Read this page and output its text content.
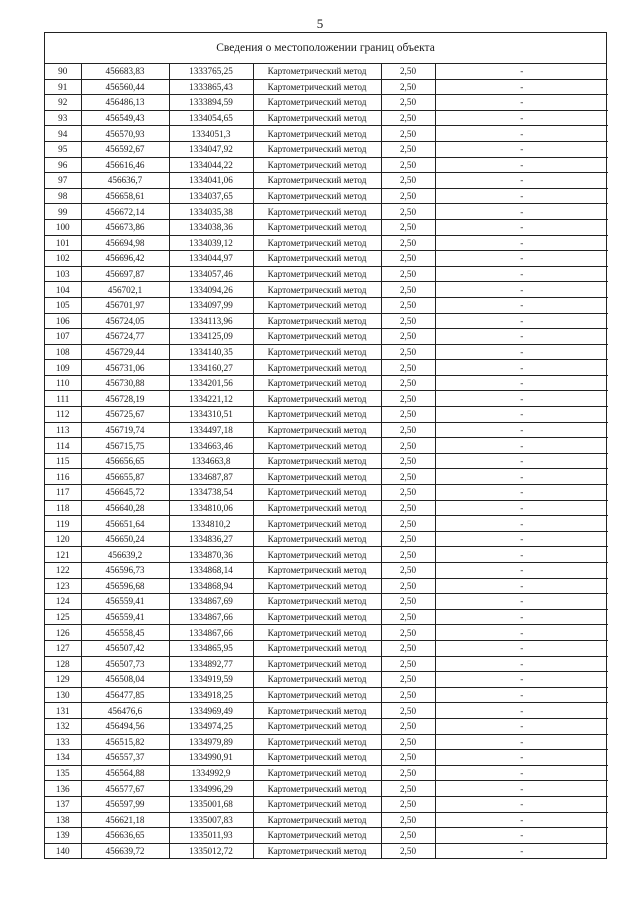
5
Сведения о местоположении границ объекта
90	456683,83	1333765,25	Картометрический метод	2,50	-
91	456560,44	1333865,43	Картометрический метод	2,50	-
92	456486,13	1333894,59	Картометрический метод	2,50	-
93	456549,43	1334054,65	Картометрический метод	2,50	-
94	456570,93	1334051,3	Картометрический метод	2,50	-
95	456592,67	1334047,92	Картометрический метод	2,50	-
96	456616,46	1334044,22	Картометрический метод	2,50	-
97	456636,7	1334041,06	Картометрический метод	2,50	-
98	456658,61	1334037,65	Картометрический метод	2,50	-
99	456672,14	1334035,38	Картометрический метод	2,50	-
100	456673,86	1334038,36	Картометрический метод	2,50	-
101	456694,98	1334039,12	Картометрический метод	2,50	-
102	456696,42	1334044,97	Картометрический метод	2,50	-
103	456697,87	1334057,46	Картометрический метод	2,50	-
104	456702,1	1334094,26	Картометрический метод	2,50	-
105	456701,97	1334097,99	Картометрический метод	2,50	-
106	456724,05	1334113,96	Картометрический метод	2,50	-
107	456724,77	1334125,09	Картометрический метод	2,50	-
108	456729,44	1334140,35	Картометрический метод	2,50	-
109	456731,06	1334160,27	Картометрический метод	2,50	-
110	456730,88	1334201,56	Картометрический метод	2,50	-
111	456728,19	1334221,12	Картометрический метод	2,50	-
112	456725,67	1334310,51	Картометрический метод	2,50	-
113	456719,74	1334497,18	Картометрический метод	2,50	-
114	456715,75	1334663,46	Картометрический метод	2,50	-
115	456656,65	1334663,8	Картометрический метод	2,50	-
116	456655,87	1334687,87	Картометрический метод	2,50	-
117	456645,72	1334738,54	Картометрический метод	2,50	-
118	456640,28	1334810,06	Картометрический метод	2,50	-
119	456651,64	1334810,2	Картометрический метод	2,50	-
120	456650,24	1334836,27	Картометрический метод	2,50	-
121	456639,2	1334870,36	Картометрический метод	2,50	-
122	456596,73	1334868,14	Картометрический метод	2,50	-
123	456596,68	1334868,94	Картометрический метод	2,50	-
124	456559,41	1334867,69	Картометрический метод	2,50	-
125	456559,41	1334867,66	Картометрический метод	2,50	-
126	456558,45	1334867,66	Картометрический метод	2,50	-
127	456507,42	1334865,95	Картометрический метод	2,50	-
128	456507,73	1334892,77	Картометрический метод	2,50	-
129	456508,04	1334919,59	Картометрический метод	2,50	-
130	456477,85	1334918,25	Картометрический метод	2,50	-
131	456476,6	1334969,49	Картометрический метод	2,50	-
132	456494,56	1334974,25	Картометрический метод	2,50	-
133	456515,82	1334979,89	Картометрический метод	2,50	-
134	456557,37	1334990,91	Картометрический метод	2,50	-
135	456564,88	1334992,9	Картометрический метод	2,50	-
136	456577,67	1334996,29	Картометрический метод	2,50	-
137	456597,99	1335001,68	Картометрический метод	2,50	-
138	456621,18	1335007,83	Картометрический метод	2,50	-
139	456636,65	1335011,93	Картометрический метод	2,50	-
140	456639,72	1335012,72	Картометрический метод	2,50	-
